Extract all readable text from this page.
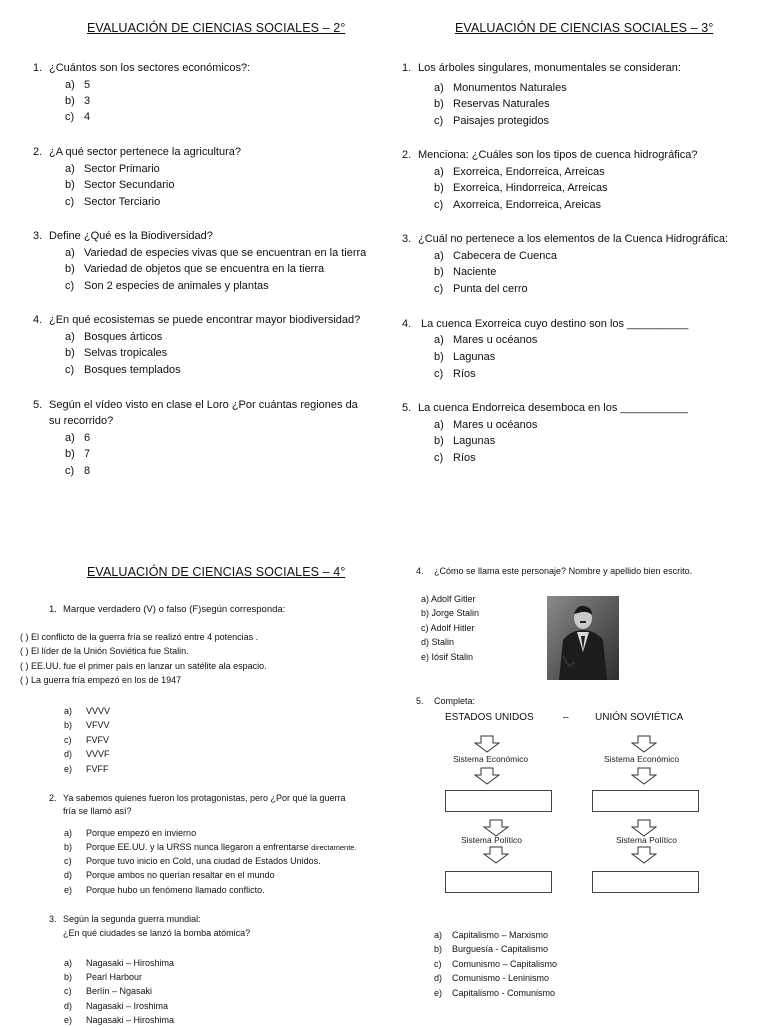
EVALUACIÓN DE CIENCIAS SOCIALES – 2°
1. ¿Cuántos son los sectores económicos?:
a) 5
b) 3
c) 4
2. ¿A qué sector pertenece la agricultura?
a) Sector Primario
b) Sector Secundario
c) Sector Terciario
3. Define ¿Qué es la Biodiversidad?
a) Variedad de especies vivas que se encuentran en la tierra
b) Variedad de objetos que se encuentra en la tierra
c) Son 2 especies de animales y plantas
4. ¿En qué ecosistemas se puede encontrar mayor biodiversidad?
a) Bosques árticos
b) Selvas tropicales
c) Bosques templados
5. Según el vídeo visto en clase el Loro ¿Por cuántas regiones da
su recorrido?
a) 6
b) 7
c) 8
EVALUACIÓN DE CIENCIAS SOCIALES – 3°
1. Los árboles singulares, monumentales se consideran:
a) Monumentos Naturales
b) Reservas Naturales
c) Paisajes protegidos
2. Menciona: ¿Cuáles son los tipos de cuenca hidrográfica?
a) Exorreica, Endorreica, Arreicas
b) Exorreica, Hindorreica, Arreicas
c) Axorreica, Endorreica, Areicas
3. ¿Cuál no pertenece a los elementos de la Cuenca Hidrográfica:
a) Cabecera de Cuenca
b) Naciente
c) Punta del cerro
4. La cuenca Exorreica cuyo destino son los __________
a) Mares u océanos
b) Lagunas
c) Ríos
5. La cuenca Endorreica desemboca en los ___________
a) Mares u océanos
b) Lagunas
c) Ríos
EVALUACIÓN DE CIENCIAS SOCIALES – 4°
1. Marque verdadero (V) o falso (F)según corresponda:
( ) El conflicto de la guerra fría se realizó entre 4 potencias .
( ) El líder de la Unión Soviética fue Stalin.
( ) EE.UU. fue el primer país en lanzar un satélite ala espacio.
( ) La guerra fría empezó en los de 1947
a) VVVV
b) VFVV
c) FVFV
d) VVVF
e) FVFF
2. Ya sabemos quienes fueron los protagonistas, pero ¿Por qué la guerra
fría se llamó así?
a) Porque empezó en invierno
b) Porque EE.UU. y la URSS nunca llegaron a enfrentarse directamente.
c) Porque tuvo inicio en Cold, una ciudad de Estados Unidos.
d) Porque ambos no querían resaltar en el mundo
e) Porque hubo un fenómeno llamado conflicto.
3. Según la segunda guerra mundial:
¿En qué ciudades se lanzó la bomba atómica?
a) Nagasaki – Hiroshima
b) Pearl Harbour
c) Berlín – Ngasaki
d) Nagasaki – Iroshima
e) Nagasaki – Hiroshima
4. ¿Cómo se llama este personaje? Nombre y apellido bien escrito.
a) Adolf Gitler
b) Jorge Stalin
c) Adolf Hitler
d) Stalin
e) Iósif Stalin
5. Completa:
ESTADOS UNIDOS	–	UNIÓN SOVIÉTICA
Sistema Económico	Sistema Económico
Sistema Político	Sistema Político
a) Capitalismo – Marxismo
b) Burguesía - Capitalismo
c) Comunismo – Capitalismo
d) Comunismo - Leninismo
e) Capitalismo - Comunismo
